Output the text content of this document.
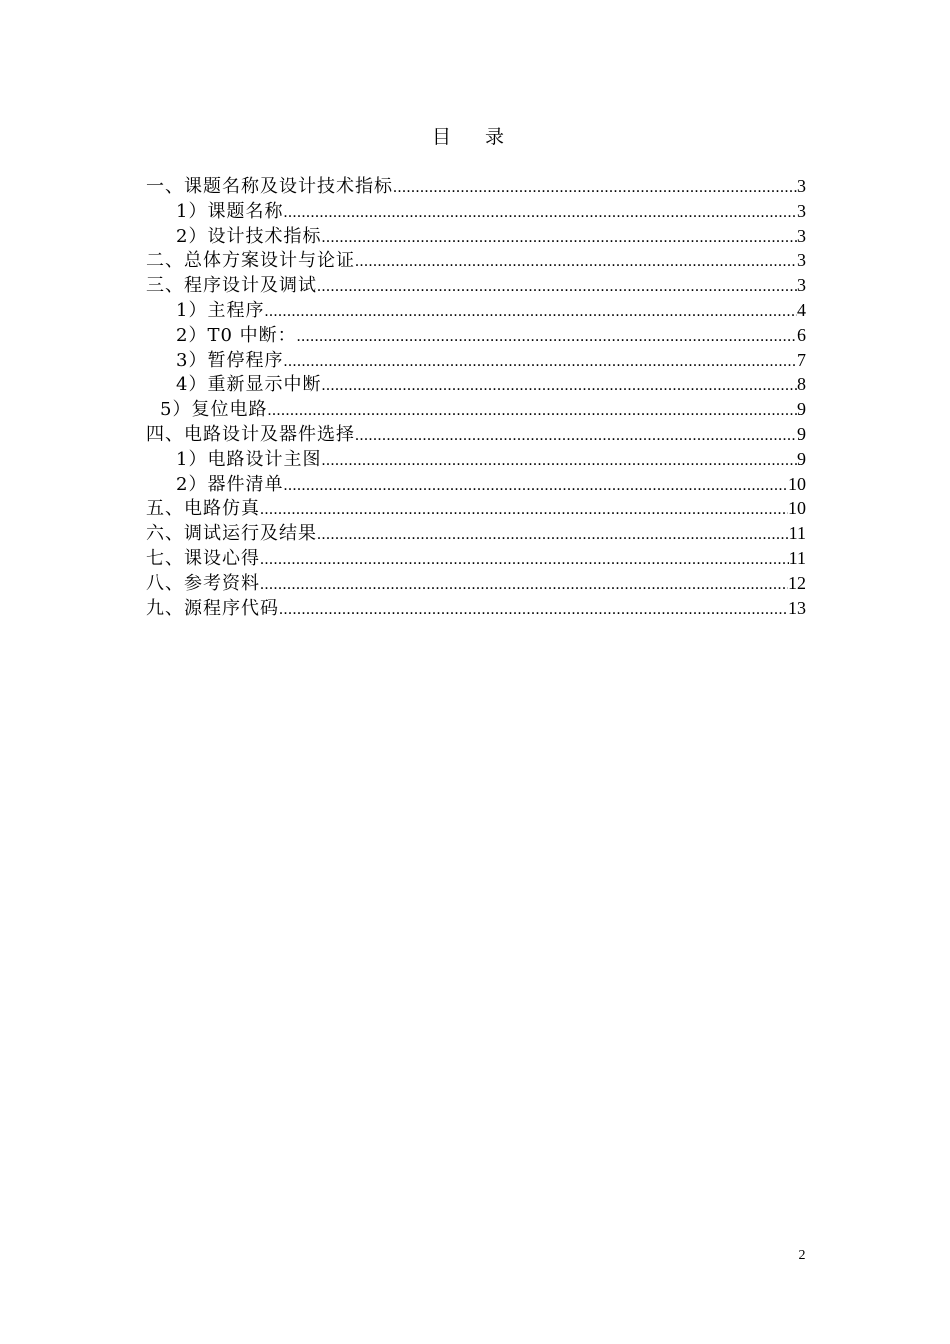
目 录
一、课题名称及设计技术指标 .....	3
1）课题名称 .....	3
2）设计技术指标 .....	3
二、总体方案设计与论证 .....	3
三、程序设计及调试 .....	3
1）主程序 .....	4
2）T0 中断： .....	6
3）暂停程序 .....	7
4）重新显示中断 .....	8
5）复位电路 .....	9
四、电路设计及器件选择 .....	9
1）电路设计主图 .....	9
2）器件清单 .....	10
五、电路仿真 .....	10
六、调试运行及结果 .....	11
七、课设心得 .....	11
八、参考资料 .....	12
九、源程序代码 .....	13
2
